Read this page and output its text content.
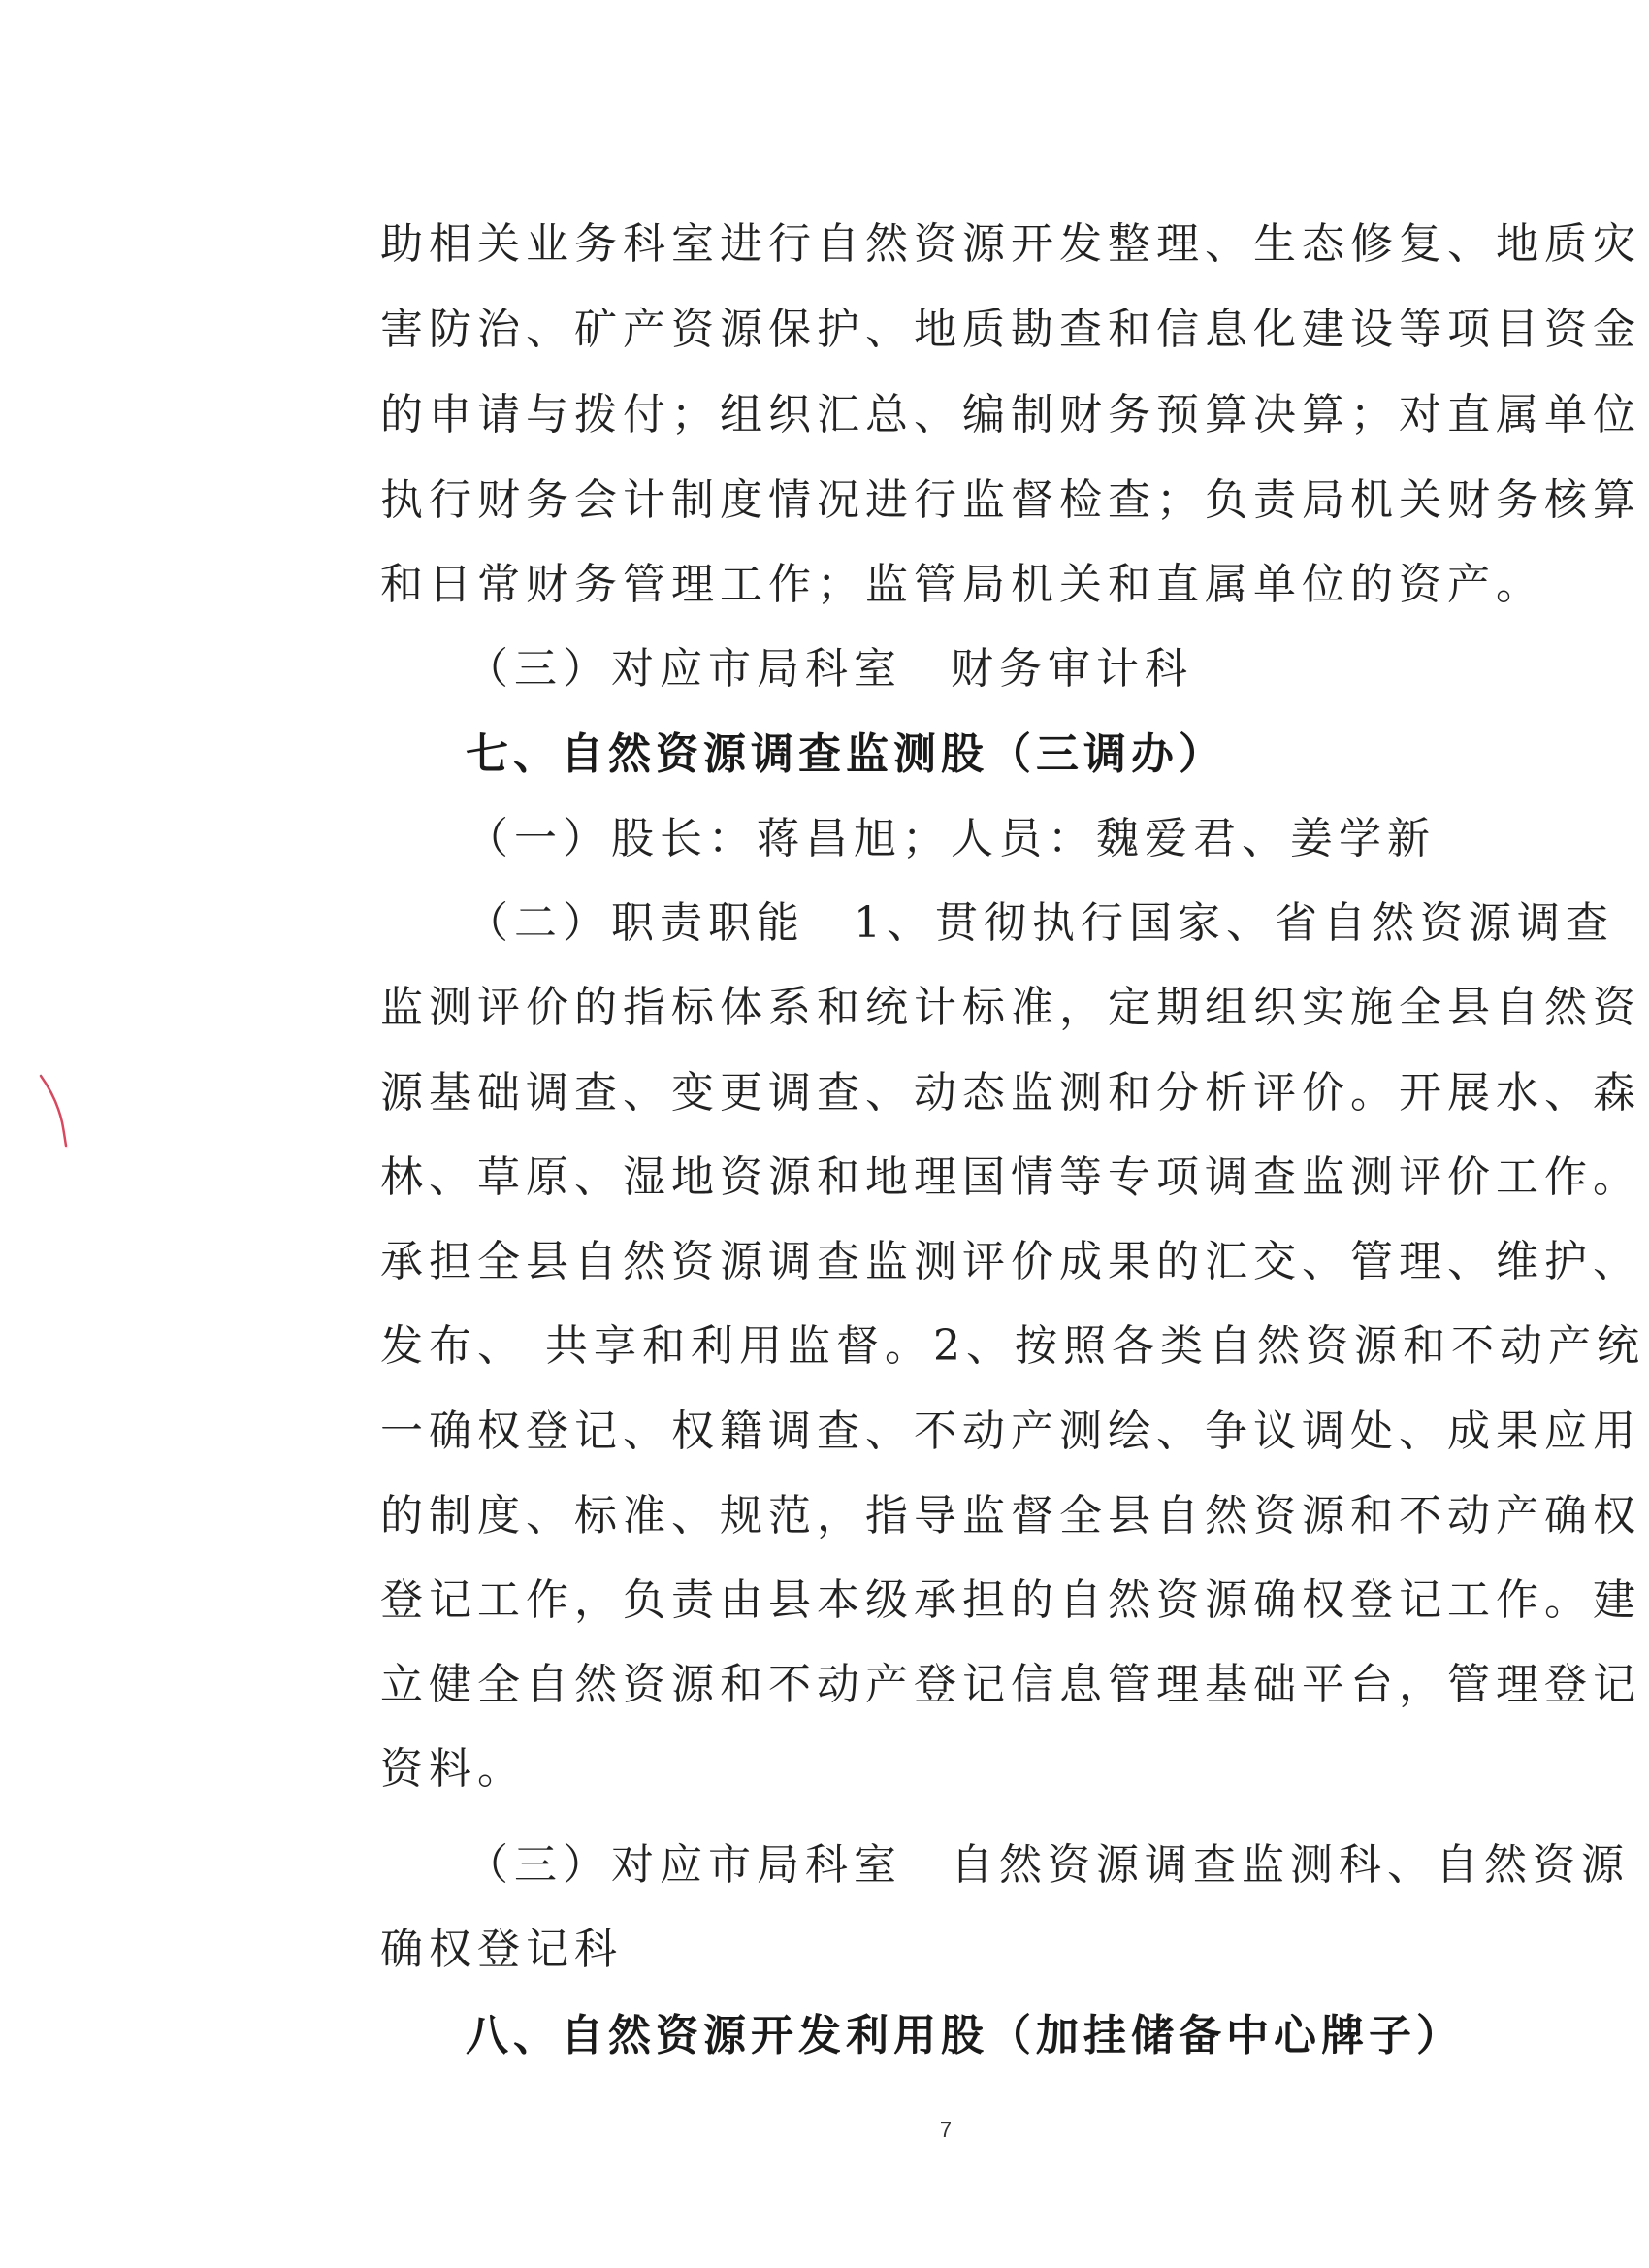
助相关业务科室进行自然资源开发整理、生态修复、地质灾
害防治、矿产资源保护、地质勘查和信息化建设等项目资金
的申请与拨付；组织汇总、编制财务预算决算；对直属单位
执行财务会计制度情况进行监督检查；负责局机关财务核算
和日常财务管理工作；监管局机关和直属单位的资产。
（三）对应市局科室　财务审计科
七、自然资源调查监测股（三调办）
（一）股长：蒋昌旭；人员：魏爱君、姜学新
（二）职责职能　1、贯彻执行国家、省自然资源调查
监测评价的指标体系和统计标准，定期组织实施全县自然资
源基础调查、变更调查、动态监测和分析评价。开展水、森
林、草原、湿地资源和地理国情等专项调查监测评价工作。
承担全县自然资源调查监测评价成果的汇交、管理、维护、
发布、 共享和利用监督。2、按照各类自然资源和不动产统
一确权登记、权籍调查、不动产测绘、争议调处、成果应用
的制度、标准、规范，指导监督全县自然资源和不动产确权
登记工作，负责由县本级承担的自然资源确权登记工作。建
立健全自然资源和不动产登记信息管理基础平台，管理登记
资料。
（三）对应市局科室　自然资源调查监测科、自然资源
确权登记科
八、自然资源开发利用股（加挂储备中心牌子）
7
